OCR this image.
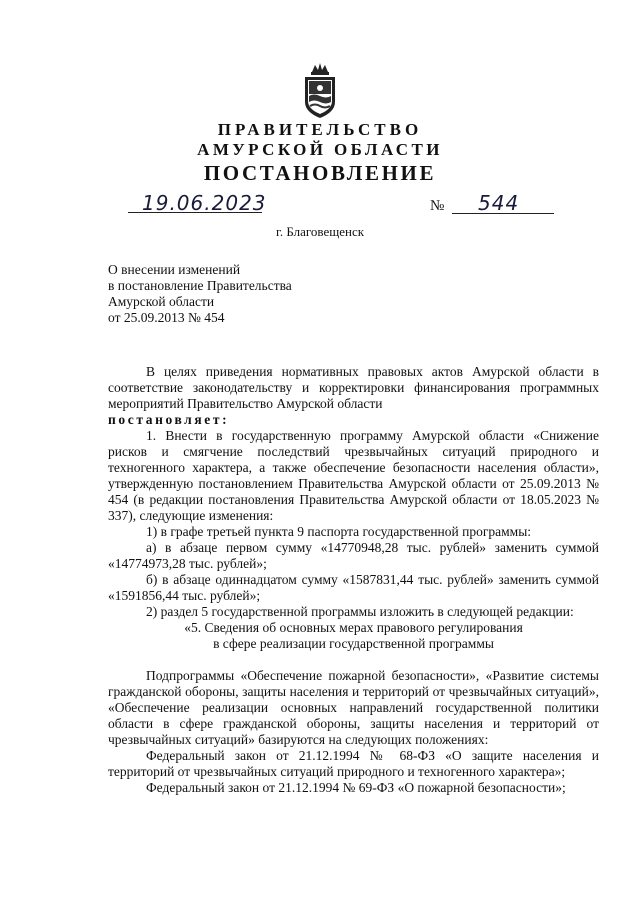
ПРАВИТЕЛЬСТВО
АМУРСКОЙ ОБЛАСТИ
ПОСТАНОВЛЕНИЕ
19.06.2023	№ 544
г. Благовещенск
О внесении изменений
в постановление Правительства
Амурской области
от 25.09.2013 № 454

В целях приведения нормативных правовых актов Амурской области в соответствие законодательству и корректировки финансирования программных мероприятий Правительство Амурской области

постановляет:

1. Внести в государственную программу Амурской области «Снижение рисков и смягчение последствий чрезвычайных ситуаций природного и техногенного характера, а также обеспечение безопасности населения области», утвержденную постановлением Правительства Амурской области от 25.09.2013 № 454 (в редакции постановления Правительства Амурской области от 18.05.2023 № 337), следующие изменения:

1) в графе третьей пункта 9 паспорта государственной программы:

а) в абзаце первом сумму «14770948,28 тыс. рублей» заменить суммой «14774973,28 тыс. рублей»;

б) в абзаце одиннадцатом сумму «1587831,44 тыс. рублей» заменить суммой «1591856,44 тыс. рублей»;

2) раздел 5 государственной программы изложить в следующей редакции:

«5. Сведения об основных мерах правового регулирования

в сфере реализации государственной программы

Подпрограммы «Обеспечение пожарной безопасности», «Развитие системы гражданской обороны, защиты населения и территорий от чрезвычайных ситуаций», «Обеспечение реализации основных направлений государственной политики области в сфере гражданской обороны, защиты населения и территорий от чрезвычайных ситуаций» базируются на следующих положениях:

Федеральный закон от 21.12.1994 № 68-ФЗ «О защите населения и территорий от чрезвычайных ситуаций природного и техногенного характера»;

Федеральный закон от 21.12.1994 № 69-ФЗ «О пожарной безопасности»;
